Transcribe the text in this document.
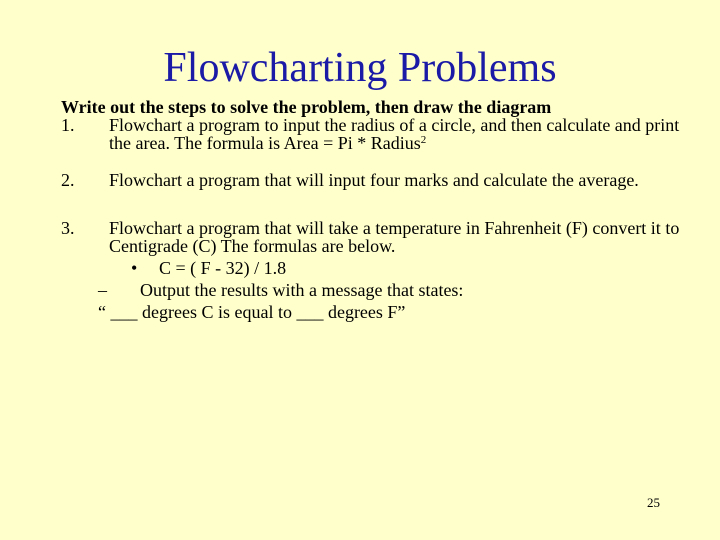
Flowcharting Problems

Write out the steps to solve the problem, then draw the diagram

1. Flowchart a program to input the radius of a circle, and then calculate and print the area. The formula is Area = Pi * Radius$^2$
2. Flowchart a program that will input four marks and calculate the average.
3. Flowchart a program that will take a temperature in Fahrenheit (F) convert it to Centigrade (C) The formulas are below.
• C = ( F - 32) / 1.8
– Output the results with a message that states:
“ ___ degrees C is equal to ___ degrees F”
25
